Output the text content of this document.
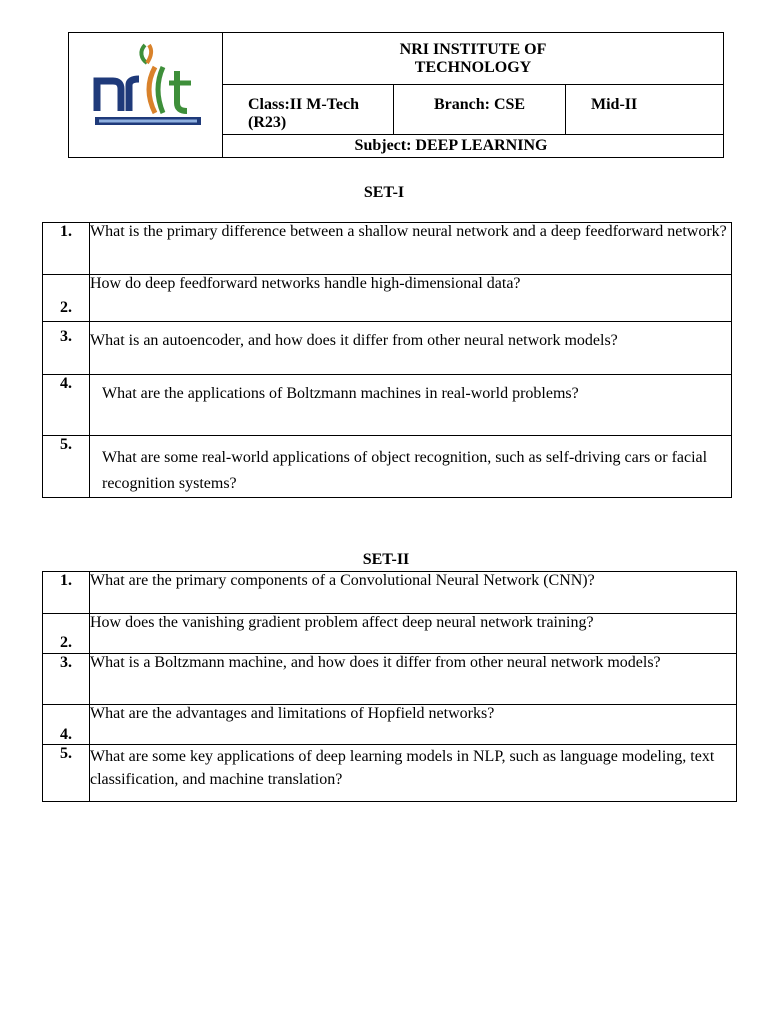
NRI INSTITUTE OF TECHNOLOGY
Class:II M-Tech (R23)
Branch: CSE	Mid-II
Subject: DEEP LEARNING
SET-I
1.	What is the primary difference between a shallow neural network and a deep feedforward network?
2.	How do deep feedforward networks handle high-dimensional data?
3.	What is an autoencoder, and how does it differ from other neural network models?
4.	What are the applications of Boltzmann machines in real-world problems?
5.	What are some real-world applications of object recognition, such as self-driving cars or facial recognition systems?
SET-II
1.	What are the primary components of a Convolutional Neural Network (CNN)?
2.	How does the vanishing gradient problem affect deep neural network training?
3.	What is a Boltzmann machine, and how does it differ from other neural network models?
4.	What are the advantages and limitations of Hopfield networks?
5.	What are some key applications of deep learning models in NLP, such as language modeling, text classification, and machine translation?
